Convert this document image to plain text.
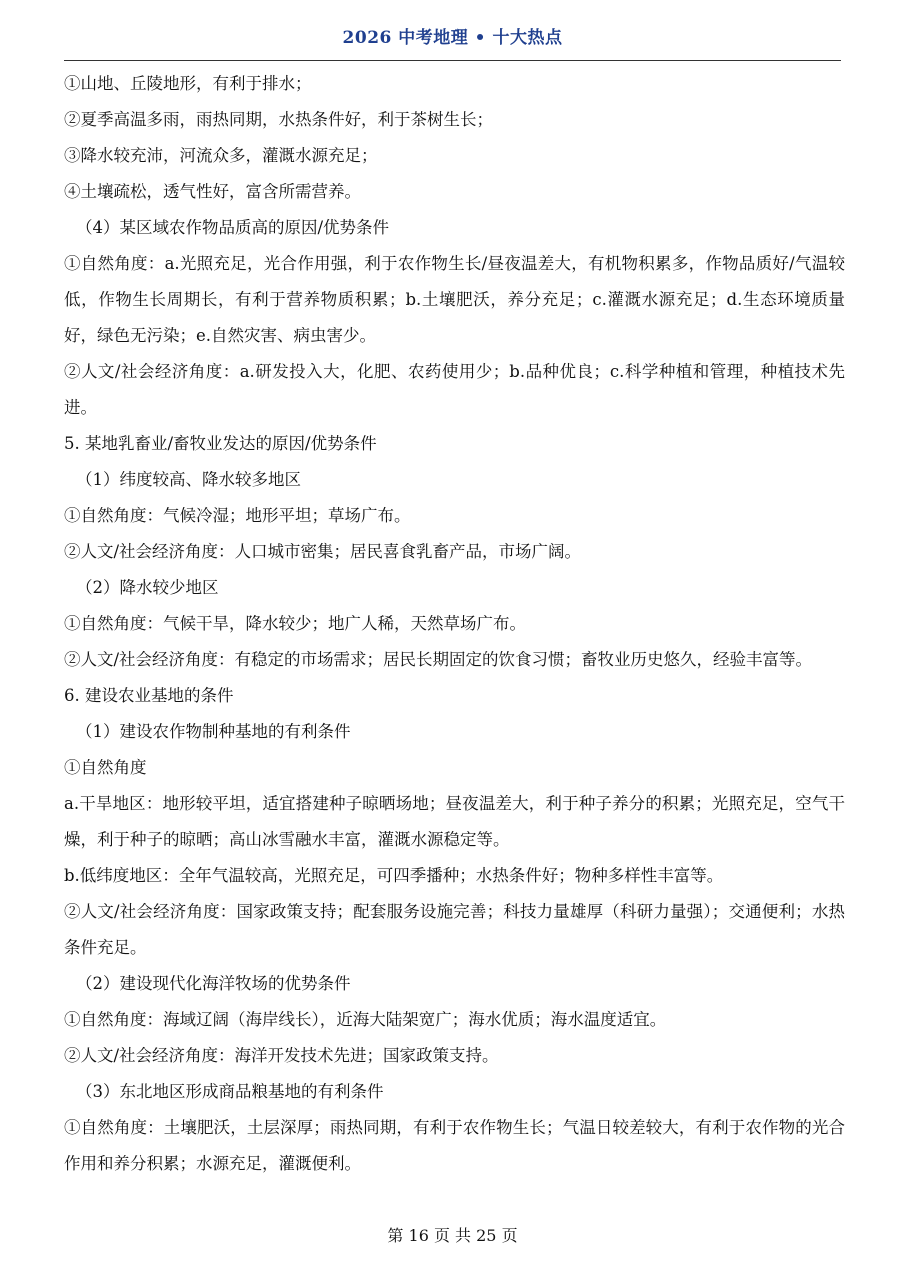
2026 中考地理 • 十大热点

①山地、丘陵地形，有利于排水；

②夏季高温多雨，雨热同期，水热条件好，利于茶树生长；

③降水较充沛，河流众多，灌溉水源充足；

④土壤疏松，透气性好，富含所需营养。

（4）某区域农作物品质高的原因/优势条件

①自然角度：a.光照充足，光合作用强，利于农作物生长/昼夜温差大，有机物积累多，作物品质好/气温较低，作物生长周期长，有利于营养物质积累；b.土壤肥沃，养分充足；c.灌溉水源充足；d.生态环境质量好，绿色无污染；e.自然灾害、病虫害少。

②人文/社会经济角度：a.研发投入大，化肥、农药使用少；b.品种优良；c.科学种植和管理，种植技术先进。

5. 某地乳畜业/畜牧业发达的原因/优势条件

（1）纬度较高、降水较多地区

①自然角度：气候冷湿；地形平坦；草场广布。

②人文/社会经济角度：人口城市密集；居民喜食乳畜产品，市场广阔。

（2）降水较少地区

①自然角度：气候干旱，降水较少；地广人稀，天然草场广布。

②人文/社会经济角度：有稳定的市场需求；居民长期固定的饮食习惯；畜牧业历史悠久，经验丰富等。

6. 建设农业基地的条件

（1）建设农作物制种基地的有利条件

①自然角度

a.干旱地区：地形较平坦，适宜搭建种子晾晒场地；昼夜温差大，利于种子养分的积累；光照充足，空气干燥，利于种子的晾晒；高山冰雪融水丰富，灌溉水源稳定等。

b.低纬度地区：全年气温较高，光照充足，可四季播种；水热条件好；物种多样性丰富等。

②人文/社会经济角度：国家政策支持；配套服务设施完善；科技力量雄厚（科研力量强）；交通便利；水热条件充足。

（2）建设现代化海洋牧场的优势条件

①自然角度：海域辽阔（海岸线长），近海大陆架宽广；海水优质；海水温度适宜。

②人文/社会经济角度：海洋开发技术先进；国家政策支持。

（3）东北地区形成商品粮基地的有利条件

①自然角度：土壤肥沃，土层深厚；雨热同期，有利于农作物生长；气温日较差较大，有利于农作物的光合作用和养分积累；水源充足，灌溉便利。

第 16 页 共 25 页
